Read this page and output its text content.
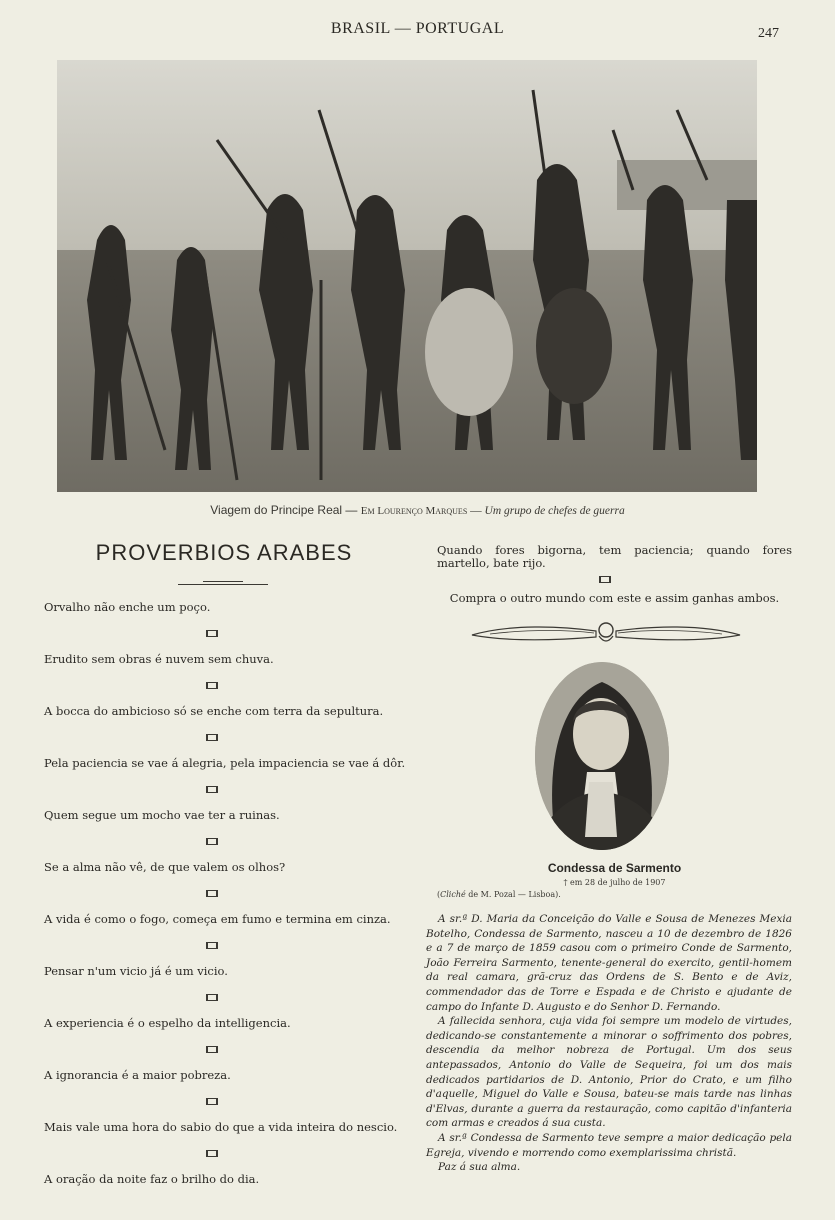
BRASIL — PORTUGAL	247
Viagem do Principe Real — Em Lourenço Marques — Um grupo de chefes de guerra
PROVERBIOS ARABES
Orvalho não enche um poço.
Erudito sem obras é nuvem sem chuva.
A bocca do ambicioso só se enche com terra da sepultura.
Pela paciencia se vae á alegria, pela impaciencia se vae á dôr.
Quem segue um mocho vae ter a ruinas.
Se a alma não vê, de que valem os olhos?
A vida é como o fogo, começa em fumo e termina em cinza.
Pensar n'um vicio já é um vicio.
A experiencia é o espelho da intelligencia.
A ignorancia é a maior pobreza.
Mais vale uma hora do sabio do que a vida inteira do nescio.
A oração da noite faz o brilho do dia.
Quando fores bigorna, tem paciencia; quando fores martello, bate rijo.
Compra o outro mundo com este e assim ganhas ambos.
Condessa de Sarmento
† em 28 de julho de 1907
(Cliché de M. Pozal — Lisboa).

A sr.ª D. Maria da Conceição do Valle e Sousa de Menezes Mexia Botelho, Condessa de Sarmento, nasceu a 10 de dezembro de 1826 e a 7 de março de 1859 casou com o primeiro Conde de Sarmento, João Ferreira Sarmento, tenente-general do exercito, gentil-homem da real camara, grã-cruz das Ordens de S. Bento e de Aviz, commendador das de Torre e Espada e de Christo e ajudante de campo do Infante D. Augusto e do Senhor D. Fernando.

A fallecida senhora, cuja vida foi sempre um modelo de virtudes, dedicando-se constantemente a minorar o soffrimento dos pobres, descendia da melhor nobreza de Portugal. Um dos seus antepassados, Antonio do Valle de Sequeira, foi um dos mais dedicados partidarios de D. Antonio, Prior do Crato, e um filho d'aquelle, Miguel do Valle e Sousa, bateu-se mais tarde nas linhas d'Elvas, durante a guerra da restauração, como capitão d'infanteria com armas e creados á sua custa.

A sr.ª Condessa de Sarmento teve sempre a maior dedicação pela Egreja, vivendo e morrendo como exemplarissima christã.

Paz á sua alma.
